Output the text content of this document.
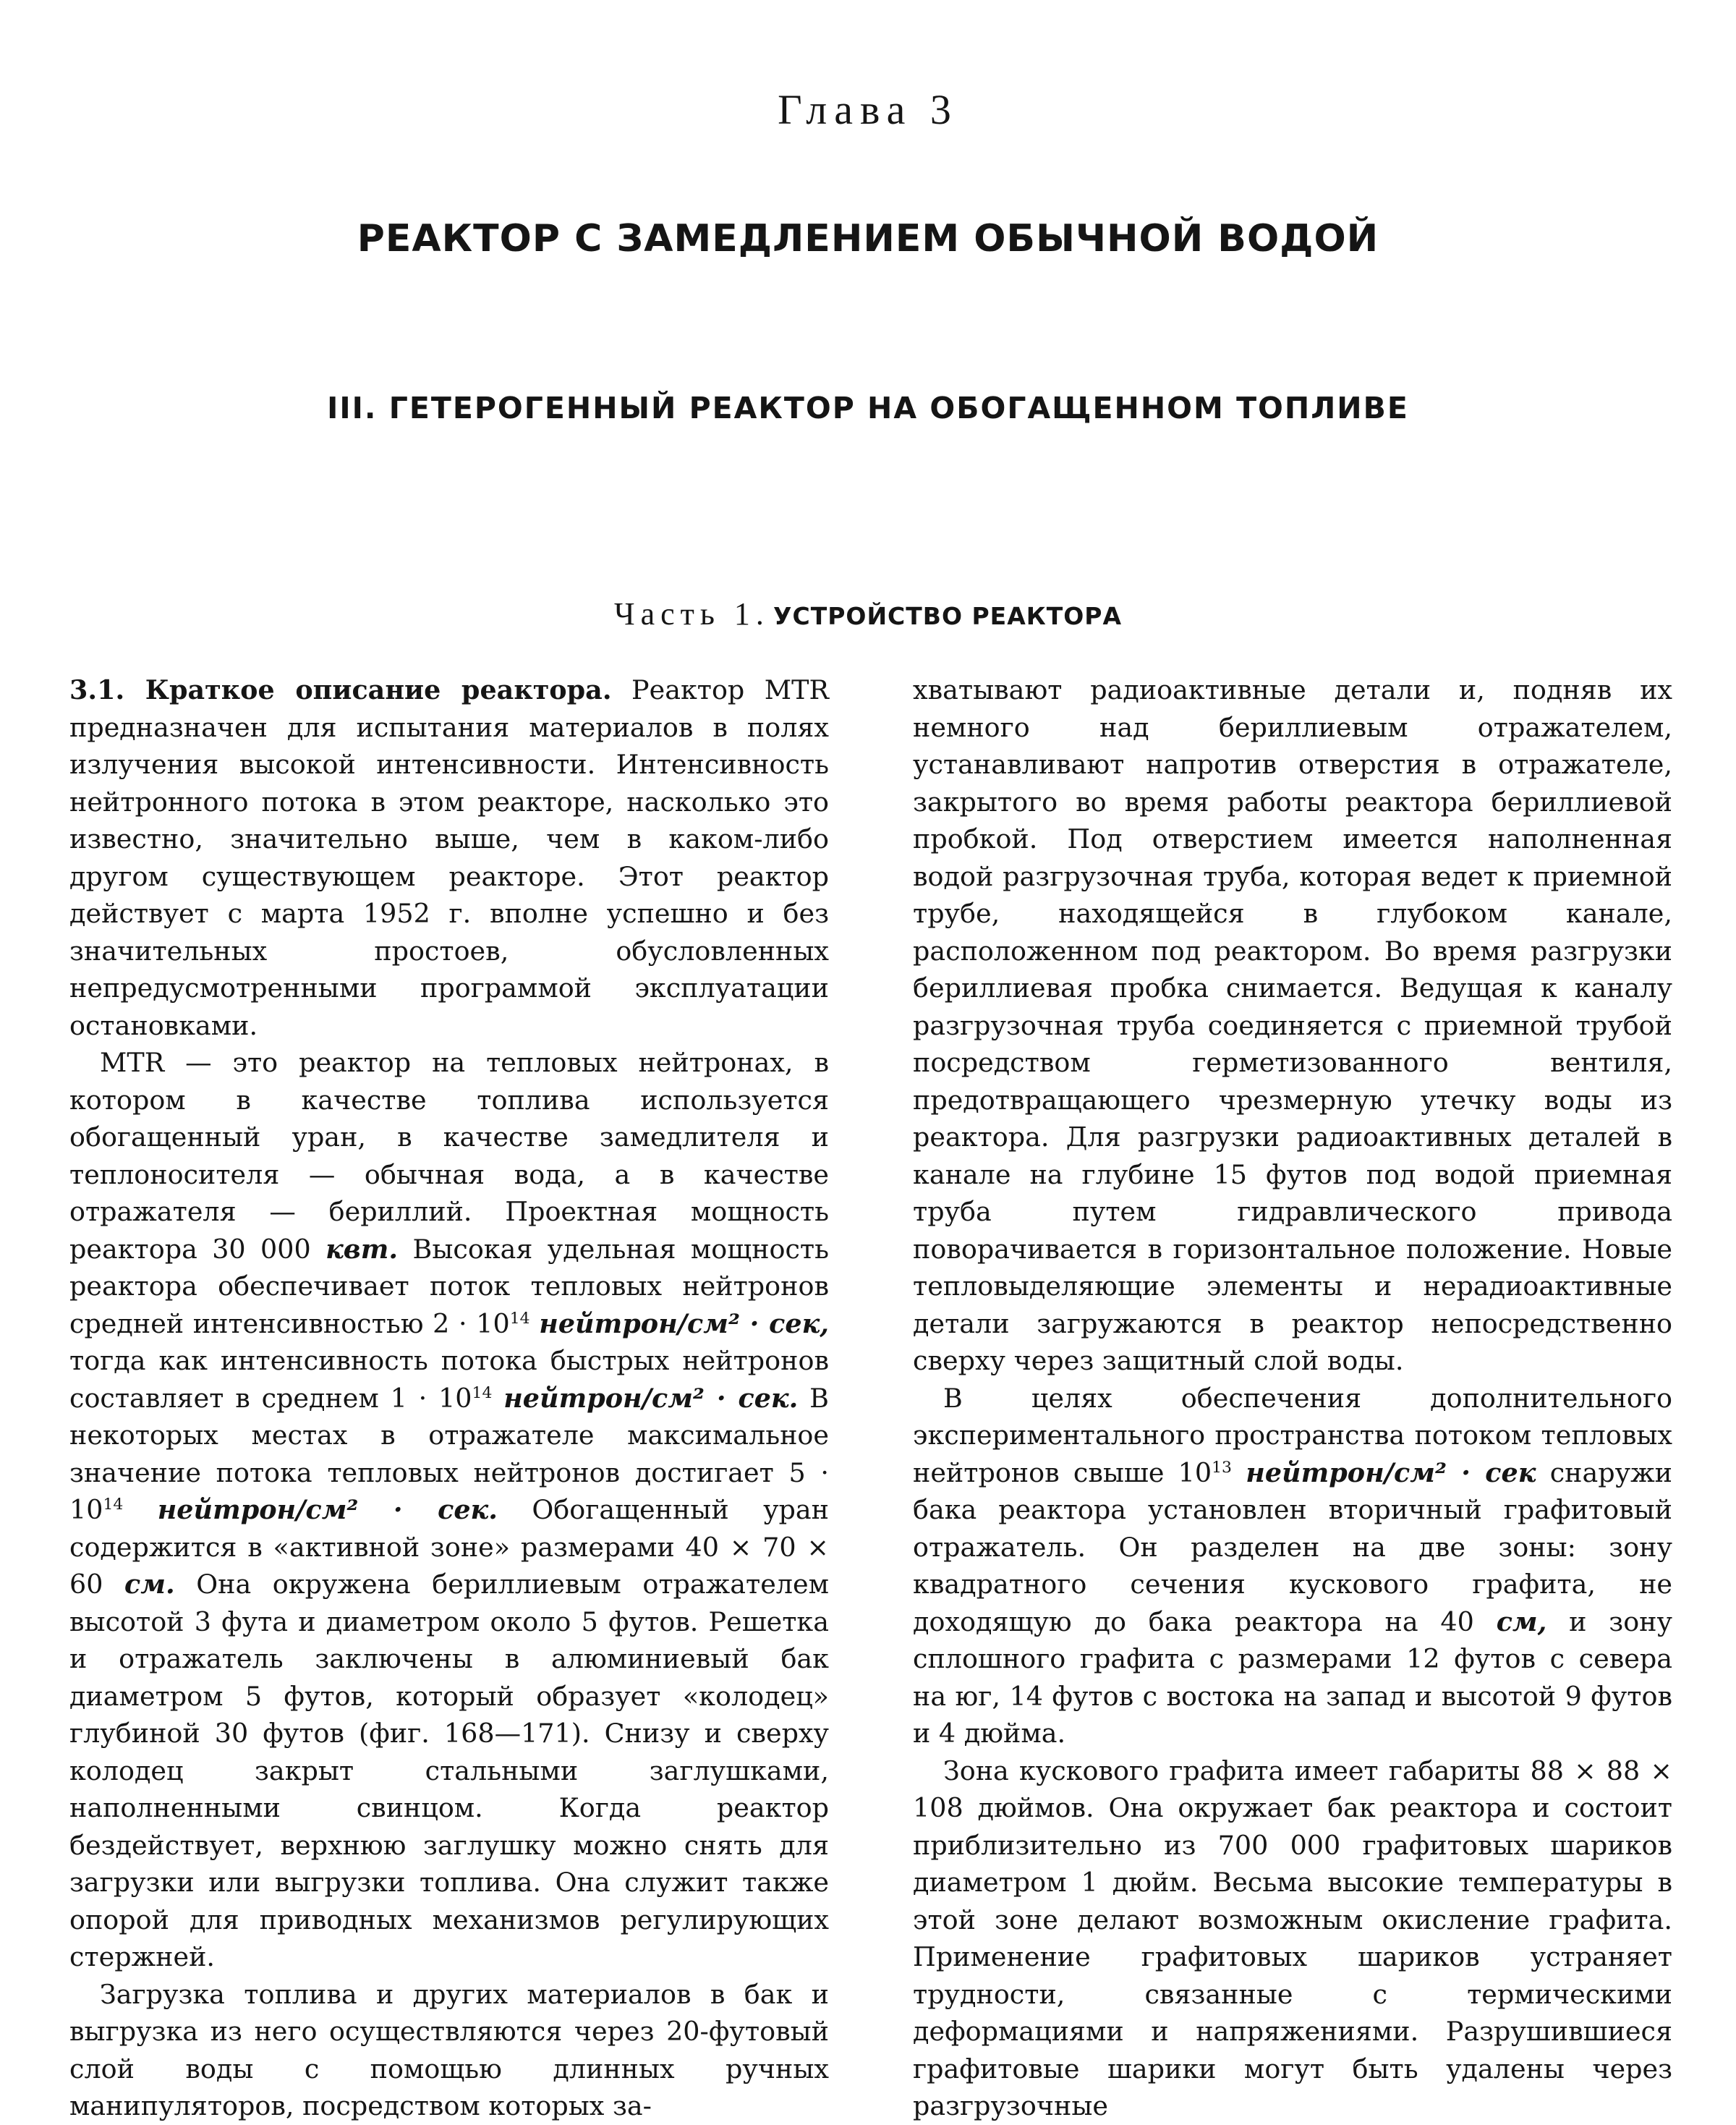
Глава 3
РЕАКТОР С ЗАМЕДЛЕНИЕМ ОБЫЧНОЙ ВОДОЙ
III. ГЕТЕРОГЕННЫЙ РЕАКТОР НА ОБОГАЩЕННОМ ТОПЛИВЕ
Часть 1. УСТРОЙСТВО РЕАКТОРА

3.1. Краткое описание реактора. Реактор MTR предназначен для испытания материалов в полях излучения высокой интенсивности. Интенсивность нейтронного потока в этом реакторе, насколько это известно, значительно выше, чем в каком-либо другом существующем реакторе. Этот реактор действует с марта 1952 г. вполне успешно и без значительных простоев, обусловленных непредусмотренными программой эксплуатации остановками.

MTR — это реактор на тепловых нейтронах, в котором в качестве топлива используется обогащенный уран, в качестве замедлителя и теплоносителя — обычная вода, а в качестве отражателя — бериллий. Проектная мощность реактора 30 000 квт. Высокая удельная мощность реактора обеспечивает поток тепловых нейтронов средней интенсивностью $2 \cdot 10^{14}$ нейтрон/см² · сек, тогда как интенсивность потока быстрых нейтронов составляет в среднем $1 \cdot 10^{14}$ нейтрон/см² · сек. В некоторых местах в отражателе максимальное значение потока тепловых нейтронов достигает $5 \cdot 10^{14}$ нейтрон/см² · сек. Обогащенный уран содержится в «активной зоне» размерами 40 × 70 × 60 см. Она окружена бериллиевым отражателем высотой 3 фута и диаметром около 5 футов. Решетка и отражатель заключены в алюминиевый бак диаметром 5 футов, который образует «колодец» глубиной 30 футов (фиг. 168—171). Снизу и сверху колодец закрыт стальными заглушками, наполненными свинцом. Когда реактор бездействует, верхнюю заглушку можно снять для загрузки или выгрузки топлива. Она служит также опорой для приводных механизмов регулирующих стержней.

Загрузка топлива и других материалов в бак и выгрузка из него осуществляются через 20-футовый слой воды с помощью длинных ручных манипуляторов, посредством которых за-

хватывают радиоактивные детали и, подняв их немного над бериллиевым отражателем, устанавливают напротив отверстия в отражателе, закрытого во время работы реактора бериллиевой пробкой. Под отверстием имеется наполненная водой разгрузочная труба, которая ведет к приемной трубе, находящейся в глубоком канале, расположенном под реактором. Во время разгрузки бериллиевая пробка снимается. Ведущая к каналу разгрузочная труба соединяется с приемной трубой посредством герметизованного вентиля, предотвращающего чрезмерную утечку воды из реактора. Для разгрузки радиоактивных деталей в канале на глубине 15 футов под водой приемная труба путем гидравлического привода поворачивается в горизонтальное положение. Новые тепловыделяющие элементы и нерадиоактивные детали загружаются в реактор непосредственно сверху через защитный слой воды.

В целях обеспечения дополнительного экспериментального пространства потоком тепловых нейтронов свыше $10^{13}$ нейтрон/см² · сек снаружи бака реактора установлен вторичный графитовый отражатель. Он разделен на две зоны: зону квадратного сечения кускового графита, не доходящую до бака реактора на 40 см, и зону сплошного графита с размерами 12 футов с севера на юг, 14 футов с востока на запад и высотой 9 футов и 4 дюйма.

Зона кускового графита имеет габариты 88 × 88 × 108 дюймов. Она окружает бак реактора и состоит приблизительно из 700 000 графитовых шариков диаметром 1 дюйм. Весьма высокие температуры в этой зоне делают возможным окисление графита. Применение графитовых шариков устраняет трудности, связанные с термическими деформациями и напряжениями. Разрушившиеся графитовые шарики могут быть удалены через разгрузочные
